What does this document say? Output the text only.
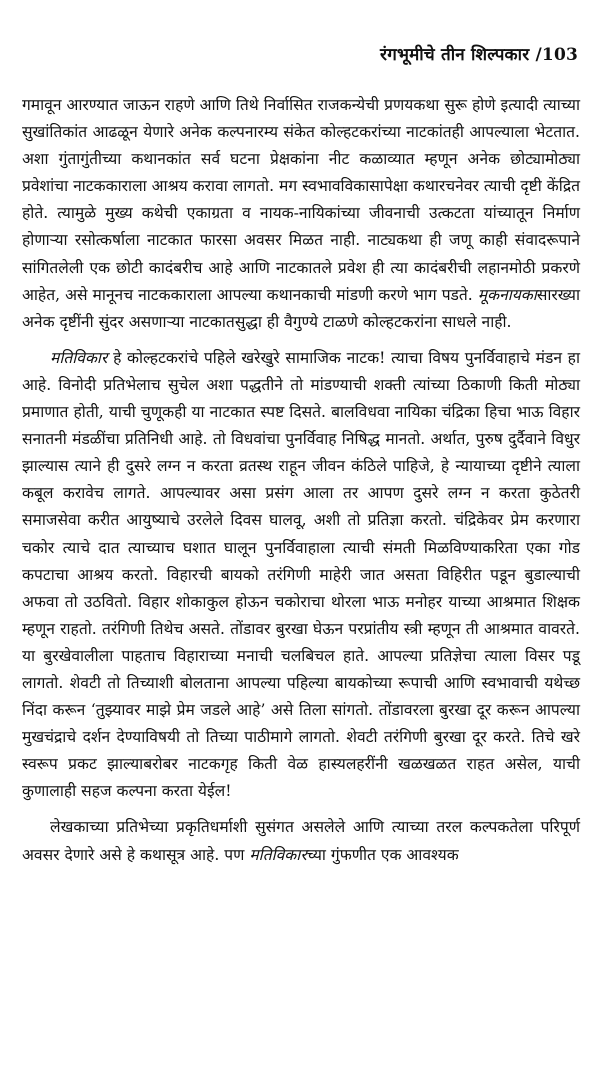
रंगभूमीचे तीन शिल्पकार /103

गमावून आरण्यात जाऊन राहणे आणि तिथे निर्वासित राजकन्येची प्रणयकथा सुरू होणे इत्यादी त्याच्या सुखांतिकांत आढळून येणारे अनेक कल्पनारम्य संकेत कोल्हटकरांच्या नाटकांतही आपल्याला भेटतात. अशा गुंतागुंतीच्या कथानकांत सर्व घटना प्रेक्षकांना नीट कळाव्यात म्हणून अनेक छोट्यामोठ्या प्रवेशांचा नाटककाराला आश्रय करावा लागतो. मग स्वभावविकासापेक्षा कथारचनेवर त्याची दृष्टी केंद्रित होते. त्यामुळे मुख्य कथेची एकाग्रता व नायक-नायिकांच्या जीवनाची उत्कटता यांच्यातून निर्माण होणाऱ्या रसोत्कर्षाला नाटकात फारसा अवसर मिळत नाही. नाट्यकथा ही जणू काही संवादरूपाने सांगितलेली एक छोटी कादंबरीच आहे आणि नाटकातले प्रवेश ही त्या कादंबरीची लहानमोठी प्रकरणे आहेत, असे मानूनच नाटककाराला आपल्या कथानकाची मांडणी करणे भाग पडते. मूकनायकासारख्या अनेक दृष्टींनी सुंदर असणाऱ्या नाटकातसुद्धा ही वैगुण्ये टाळणे कोल्हटकरांना साधले नाही.

मतिविकार हे कोल्हटकरांचे पहिले खरेखुरे सामाजिक नाटक! त्याचा विषय पुनर्विवाहाचे मंडन हा आहे. विनोदी प्रतिभेलाच सुचेल अशा पद्धतीने तो मांडण्याची शक्ती त्यांच्या ठिकाणी किती मोठ्या प्रमाणात होती, याची चुणूकही या नाटकात स्पष्ट दिसते. बालविधवा नायिका चंद्रिका हिचा भाऊ विहार सनातनी मंडळींचा प्रतिनिधी आहे. तो विधवांचा पुनर्विवाह निषिद्ध मानतो. अर्थात, पुरुष दुर्दैवाने विधुर झाल्यास त्याने ही दुसरे लग्न न करता व्रतस्थ राहून जीवन कंठिले पाहिजे, हे न्यायाच्या दृष्टीने त्याला कबूल करावेच लागते. आपल्यावर असा प्रसंग आला तर आपण दुसरे लग्न न करता कुठेतरी समाजसेवा करीत आयुष्याचे उरलेले दिवस घालवू, अशी तो प्रतिज्ञा करतो. चंद्रिकेवर प्रेम करणारा चकोर त्याचे दात त्याच्याच घशात घालून पुनर्विवाहाला त्याची संमती मिळविण्याकरिता एका गोड कपटाचा आश्रय करतो. विहारची बायको तरंगिणी माहेरी जात असता विहिरीत पडून बुडाल्याची अफवा तो उठवितो. विहार शोकाकुल होऊन चकोराचा थोरला भाऊ मनोहर याच्या आश्रमात शिक्षक म्हणून राहतो. तरंगिणी तिथेच असते. तोंडावर बुरखा घेऊन परप्रांतीय स्त्री म्हणून ती आश्रमात वावरते. या बुरखेवालीला पाहताच विहाराच्या मनाची चलबिचल हाते. आपल्या प्रतिज्ञेचा त्याला विसर पडू लागतो. शेवटी तो तिच्याशी बोलताना आपल्या पहिल्या बायकोच्या रूपाची आणि स्वभावाची यथेच्छ निंदा करून ‘तुझ्यावर माझे प्रेम जडले आहे’ असे तिला सांगतो. तोंडावरला बुरखा दूर करून आपल्या मुखचंद्राचे दर्शन देण्याविषयी तो तिच्या पाठीमागे लागतो. शेवटी तरंगिणी बुरखा दूर करते. तिचे खरे स्वरूप प्रकट झाल्याबरोबर नाटकगृह किती वेळ हास्यलहरींनी खळखळत राहत असेल, याची कुणालाही सहज कल्पना करता येईल!

लेखकाच्या प्रतिभेच्या प्रकृतिधर्माशी सुसंगत असलेले आणि त्याच्या तरल कल्पकतेला परिपूर्ण अवसर देणारे असे हे कथासूत्र आहे. पण मतिविकारच्या गुंफणीत एक आवश्यक
